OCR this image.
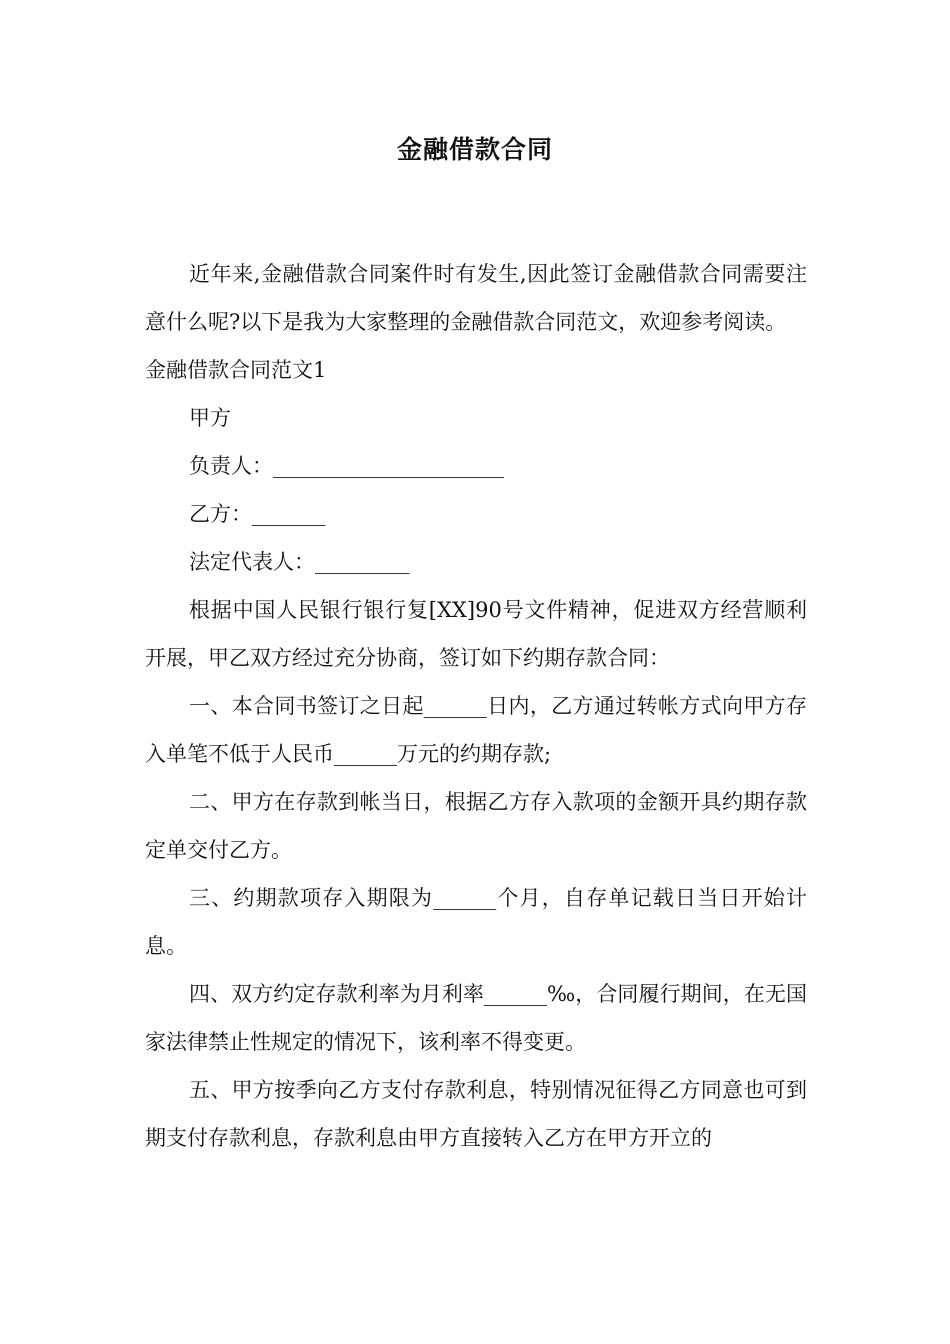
金融借款合同

近年来,金融借款合同案件时有发生,因此签订金融借款合同需要注意什么呢?以下是我为大家整理的金融借款合同范文，欢迎参考阅读。

金融借款合同范文1

甲方

负责人：______________________

乙方：_______

法定代表人：_________

根据中国人民银行银行复[XX]90号文件精神，促进双方经营顺利开展，甲乙双方经过充分协商，签订如下约期存款合同：

一、本合同书签订之日起______日内，乙方通过转帐方式向甲方存入单笔不低于人民币______万元的约期存款;

二、甲方在存款到帐当日，根据乙方存入款项的金额开具约期存款定单交付乙方。

三、约期款项存入期限为______个月，自存单记载日当日开始计息。

四、双方约定存款利率为月利率______‰，合同履行期间，在无国家法律禁止性规定的情况下，该利率不得变更。

五、甲方按季向乙方支付存款利息，特别情况征得乙方同意也可到期支付存款利息，存款利息由甲方直接转入乙方在甲方开立的
